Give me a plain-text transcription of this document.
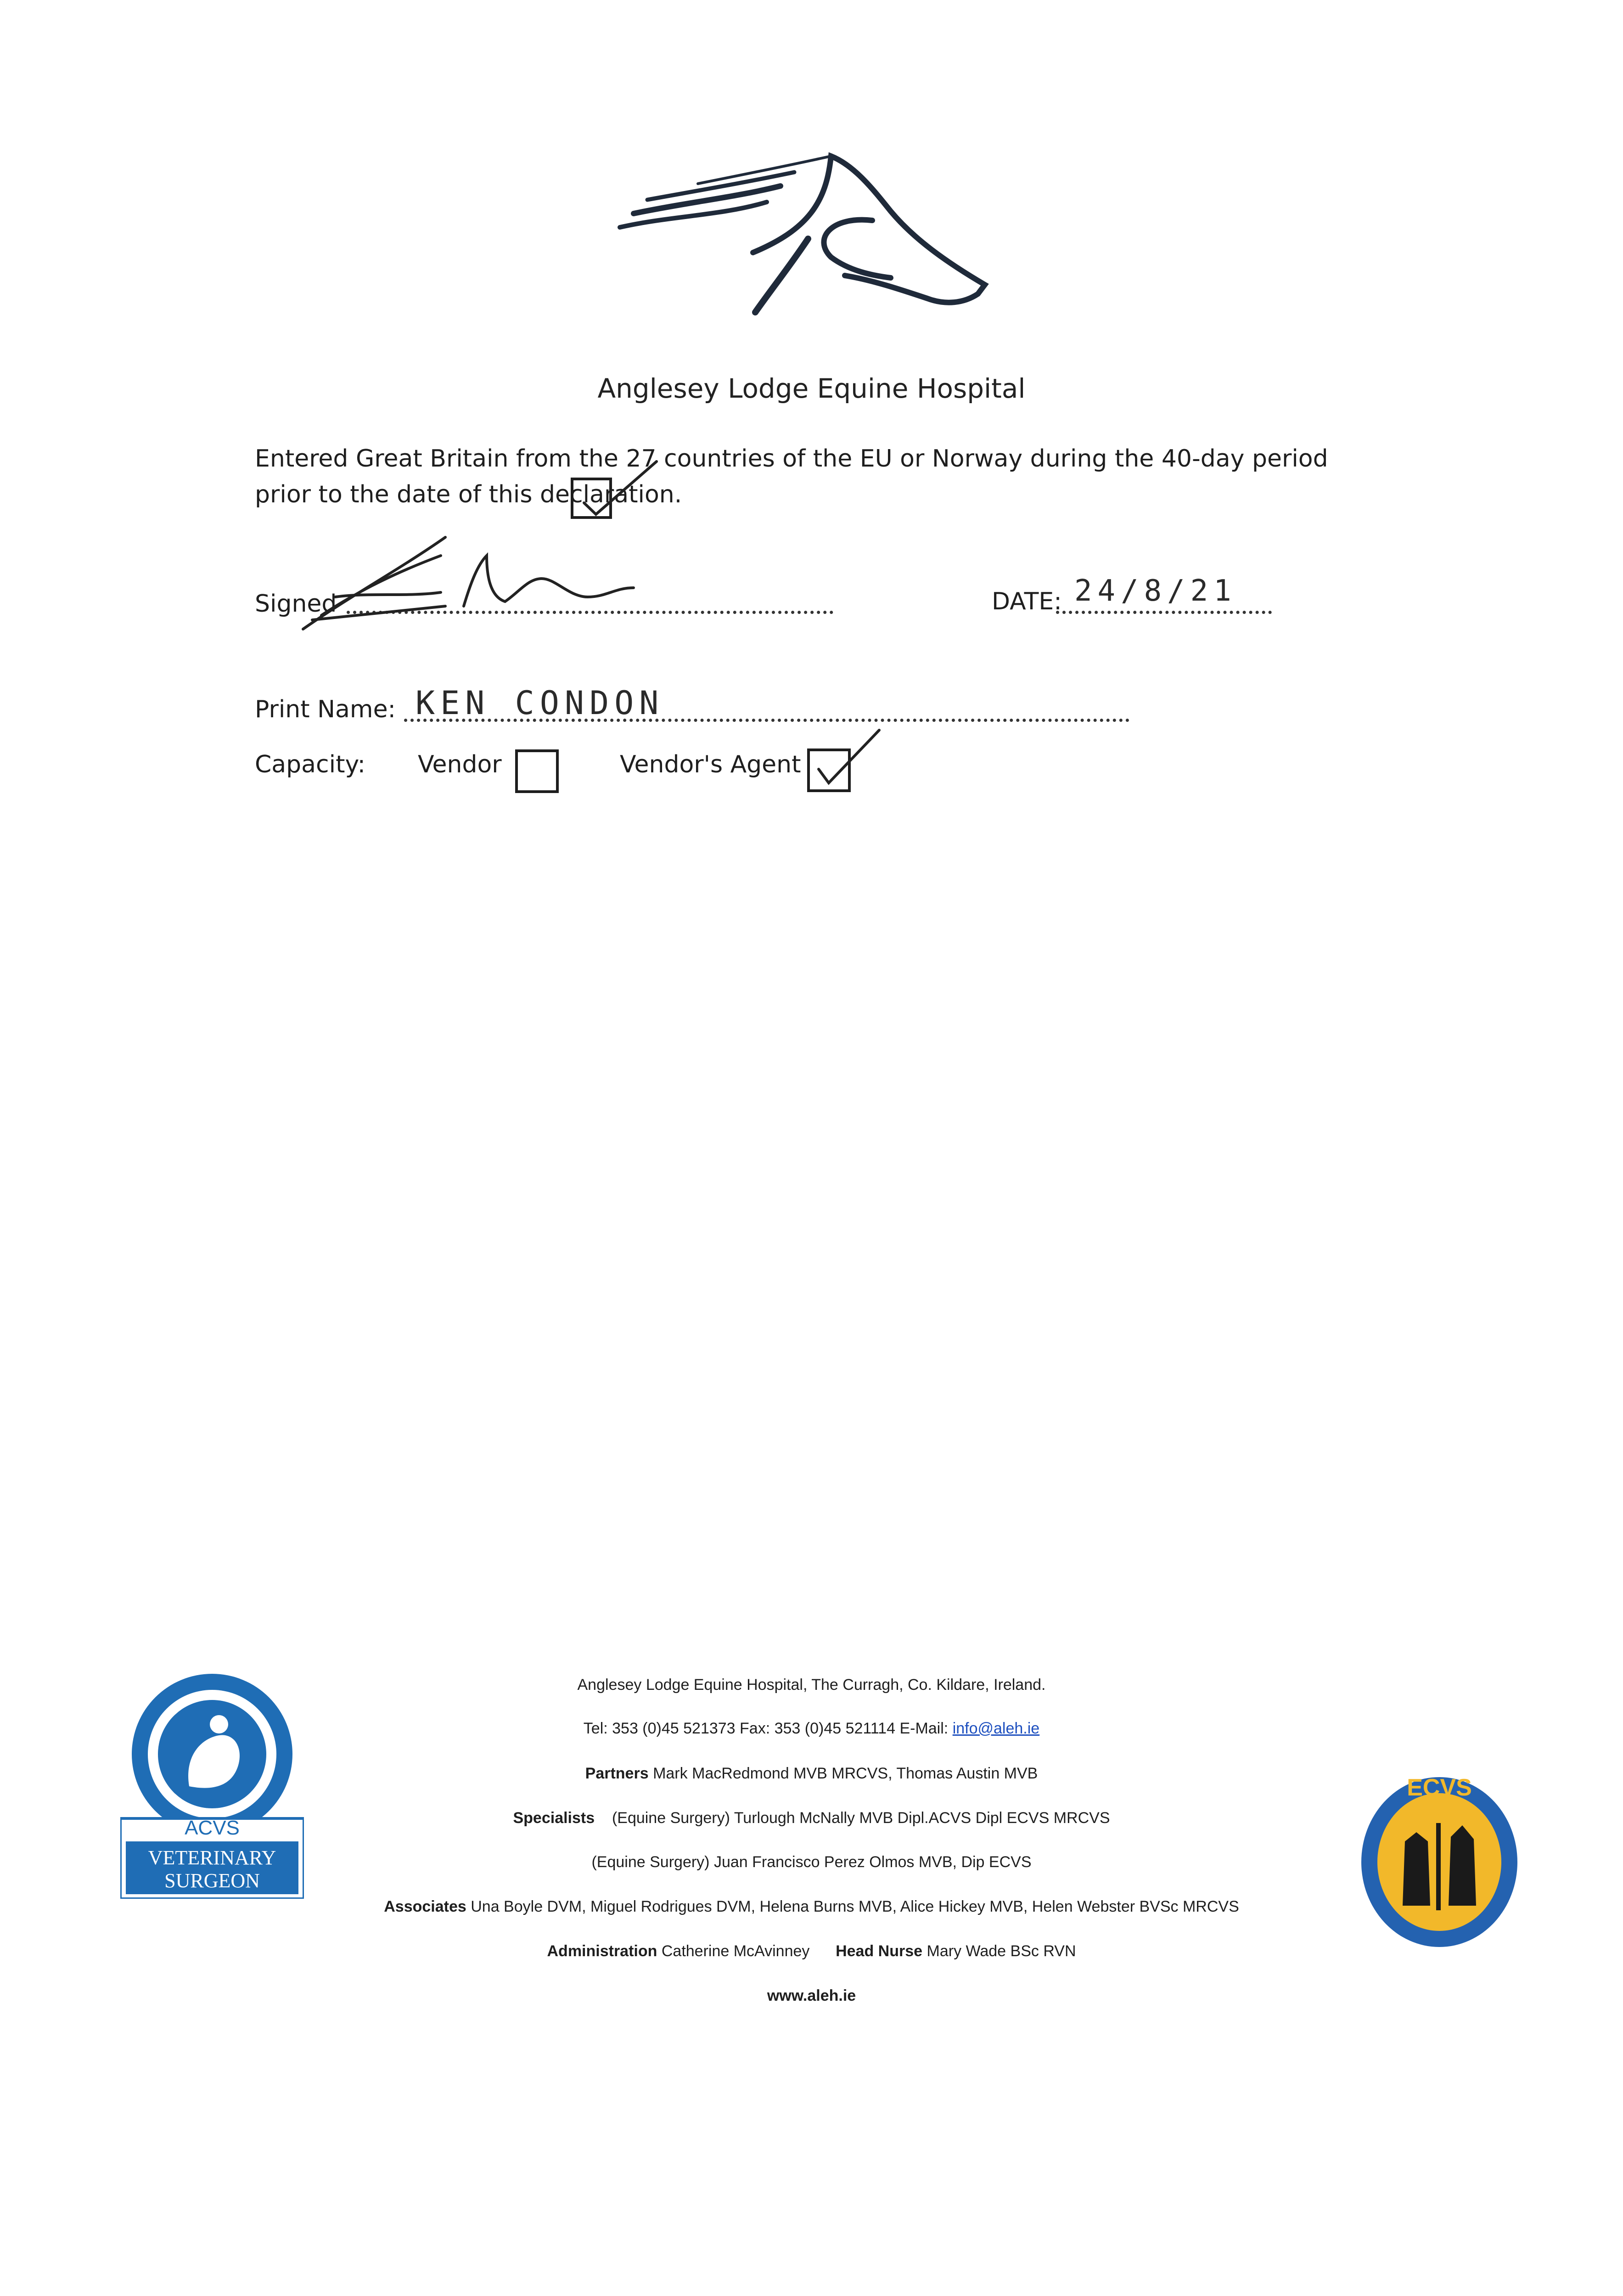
Anglesey Lodge Equine Hospital
Entered Great Britain from the 27 countries of the EU or Norway during the 40-day period prior to the date of this declaration.
Signed	DATE: 24/8/21
Print Name: KEN CONDON
Capacity: Vendor	Vendor's Agent
Anglesey Lodge Equine Hospital, The Curragh, Co. Kildare, Ireland.
Tel: 353 (0)45 521373 Fax: 353 (0)45 521114 E-Mail: info@aleh.ie
Partners Mark MacRedmond MVB MRCVS, Thomas Austin MVB
Specialists (Equine Surgery) Turlough McNally MVB Dipl.ACVS Dipl ECVS MRCVS
(Equine Surgery) Juan Francisco Perez Olmos MVB, Dip ECVS
Associates Una Boyle DVM, Miguel Rodrigues DVM, Helena Burns MVB, Alice Hickey MVB, Helen Webster BVSc MRCVS
Administration Catherine McAvinney Head Nurse Mary Wade BSc RVN
www.aleh.ie
ACVS
VETERINARY
SURGEON
ECVS
